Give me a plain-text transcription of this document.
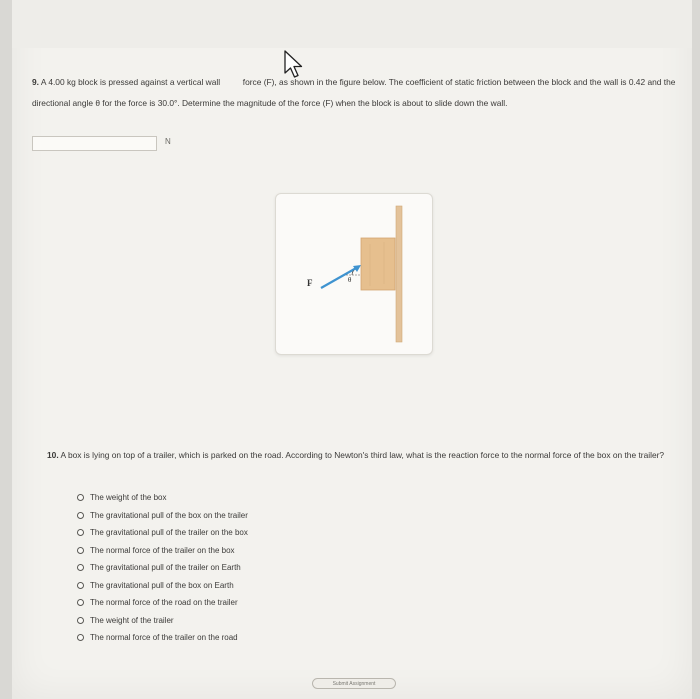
9. A 4.00 kg block is pressed against a vertical wall  force (F), as shown in the figure below. The coefficient of static friction between the block and the wall is 0.42 and the directional angle θ for the force is 30.0°. Determine the magnitude of the force (F) when the block is about to slide down the wall.
N
θ
F
10. A box is lying on top of a trailer, which is parked on the road. According to Newton's third law, what is the reaction force to the normal force of the box on the trailer?
The weight of the box
The gravitational pull of the box on the trailer
The gravitational pull of the trailer on the box
The normal force of the trailer on the box
The gravitational pull of the trailer on Earth
The gravitational pull of the box on Earth
The normal force of the road on the trailer
The weight of the trailer
The normal force of the trailer on the road
Submit Assignment
